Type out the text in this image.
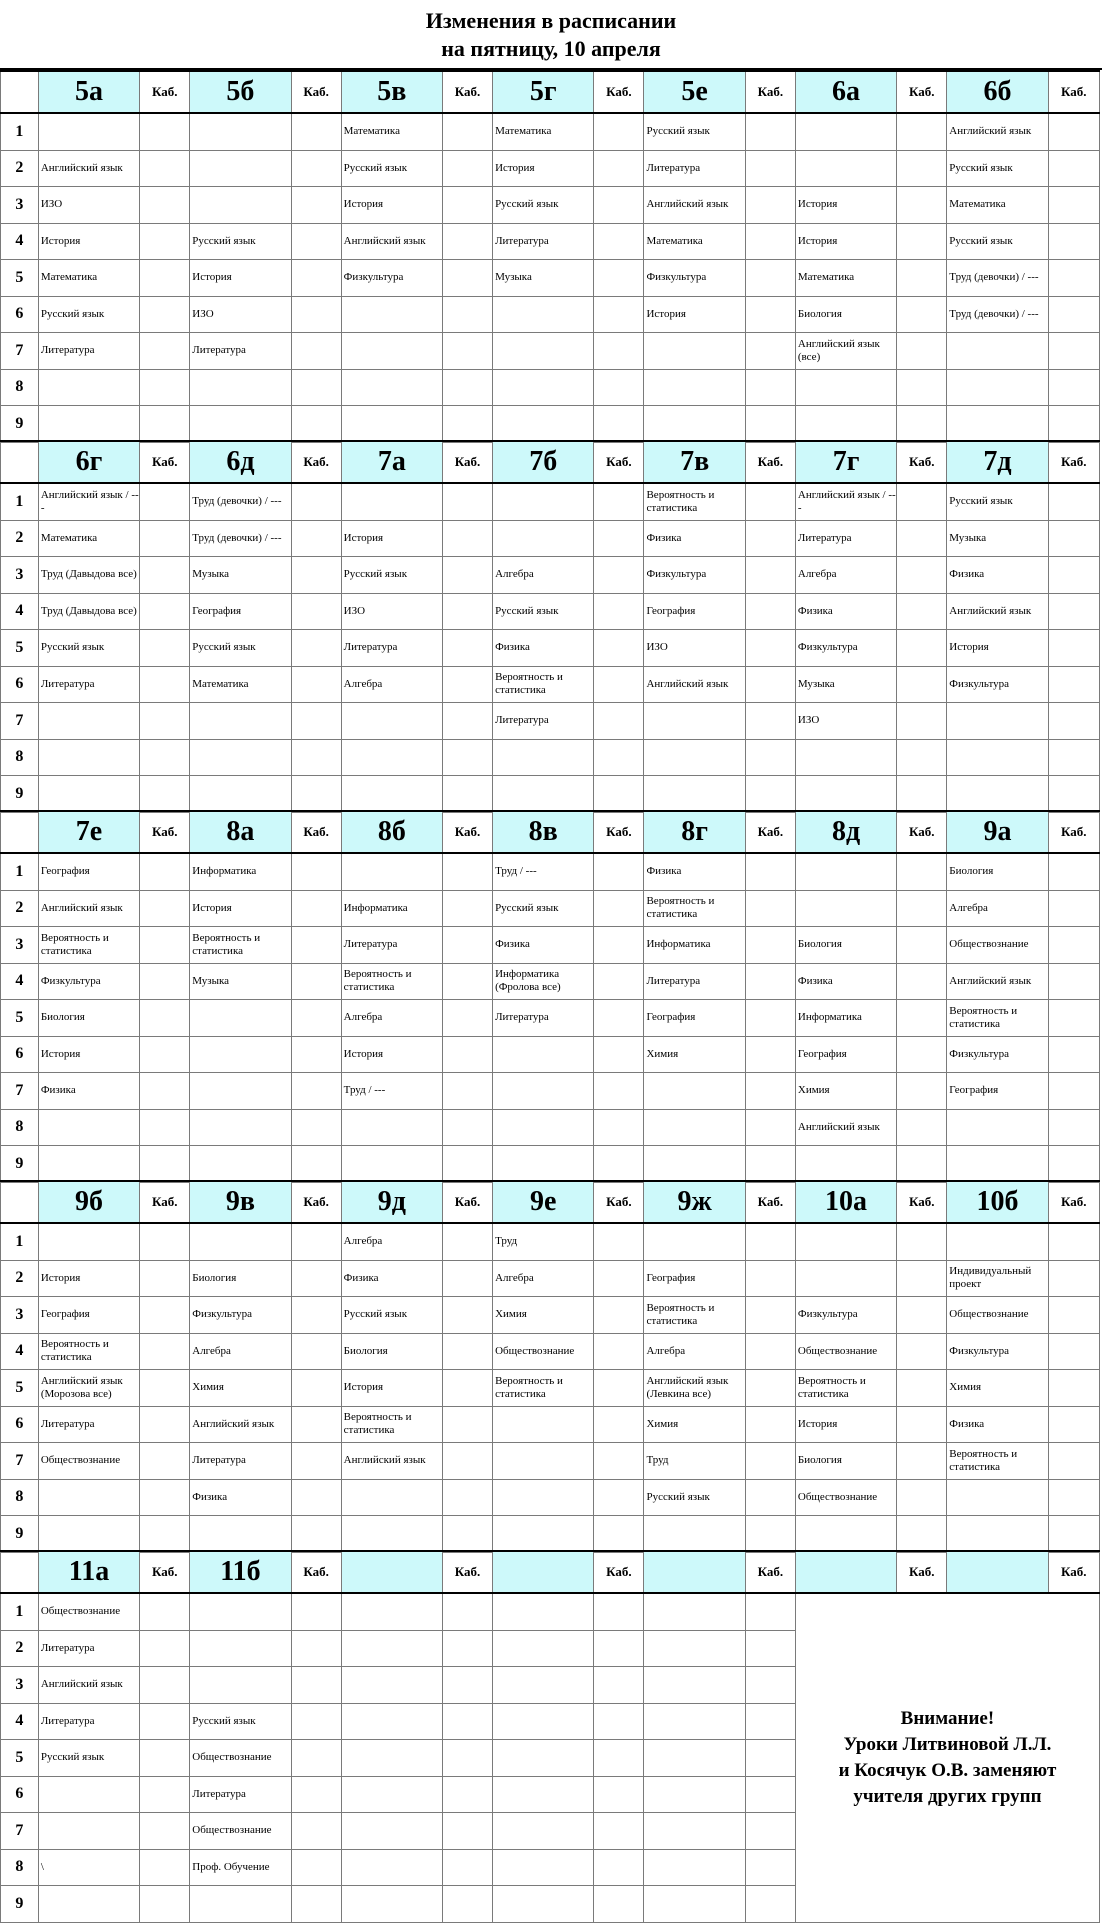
Изменения в расписании
на пятницу, 10 апреля
	5а	Каб.	5б	Каб.	5в	Каб.	5г	Каб.	5е	Каб.	6а	Каб.	6б	Каб.
1					Математика		Математика		Русский язык				Английский язык	
2	Английский язык				Русский язык		История		Литература				Русский язык	
3	ИЗО				История		Русский язык		Английский язык		История		Математика	
4	История		Русский язык		Английский язык		Литература		Математика		История		Русский язык	
5	Математика		История		Физкультура		Музыка		Физкультура		Математика		Труд (девочки) / ---	
6	Русский язык		ИЗО						История		Биология		Труд (девочки) / ---	
7	Литература		Литература								Английский язык (все)			
8														
9														
	6г	Каб.	6д	Каб.	7а	Каб.	7б	Каб.	7в	Каб.	7г	Каб.	7д	Каб.
1	Английский язык / ---		Труд (девочки) / ---						Вероятность и статистика		Английский язык / ---		Русский язык	
2	Математика		Труд (девочки) / ---		История				Физика		Литература		Музыка	
3	Труд (Давыдова все)		Музыка		Русский язык		Алгебра		Физкультура		Алгебра		Физика	
4	Труд (Давыдова все)		География		ИЗО		Русский язык		География		Физика		Английский язык	
5	Русский язык		Русский язык		Литература		Физика		ИЗО		Физкультура		История	
6	Литература		Математика		Алгебра		Вероятность и статистика		Английский язык		Музыка		Физкультура	
7							Литература				ИЗО			
8														
9														
	7е	Каб.	8а	Каб.	8б	Каб.	8в	Каб.	8г	Каб.	8д	Каб.	9а	Каб.
1	География		Информатика				Труд / ---		Физика				Биология	
2	Английский язык		История		Информатика		Русский язык		Вероятность и статистика				Алгебра	
3	Вероятность и статистика		Вероятность и статистика		Литература		Физика		Информатика		Биология		Обществознание	
4	Физкультура		Музыка		Вероятность и статистика		Информатика (Фролова все)		Литература		Физика		Английский язык	
5	Биология				Алгебра		Литература		География		Информатика		Вероятность и статистика	
6	История				История				Химия		География		Физкультура	
7	Физика				Труд / ---						Химия		География	
8											Английский язык			
9														
	9б	Каб.	9в	Каб.	9д	Каб.	9е	Каб.	9ж	Каб.	10а	Каб.	10б	Каб.
1					Алгебра		Труд							
2	История		Биология		Физика		Алгебра		География				Индивидуальный проект	
3	География		Физкультура		Русский язык		Химия		Вероятность и статистика		Физкультура		Обществознание	
4	Вероятность и статистика		Алгебра		Биология		Обществознание		Алгебра		Обществознание		Физкультура	
5	Английский язык (Морозова все)		Химия		История		Вероятность и статистика		Английский язык (Левкина все)		Вероятность и статистика		Химия	
6	Литература		Английский язык		Вероятность и статистика				Химия		История		Физика	
7	Обществознание		Литература		Английский язык				Труд		Биология		Вероятность и статистика	
8			Физика						Русский язык		Обществознание			
9														
	11а	Каб.	11б	Каб.		Каб.		Каб.		Каб.		Каб.		Каб.
1	Обществознание										Внимание!
Уроки Литвиновой Л.Л.
и Косячук О.В. заменяют
учителя других групп			

2	Литература													
3	Английский язык													
4	Литература		Русский язык											
5	Русский язык		Обществознание											
6			Литература											
7			Обществознание											
8	\		Проф. Обучение											
9														
